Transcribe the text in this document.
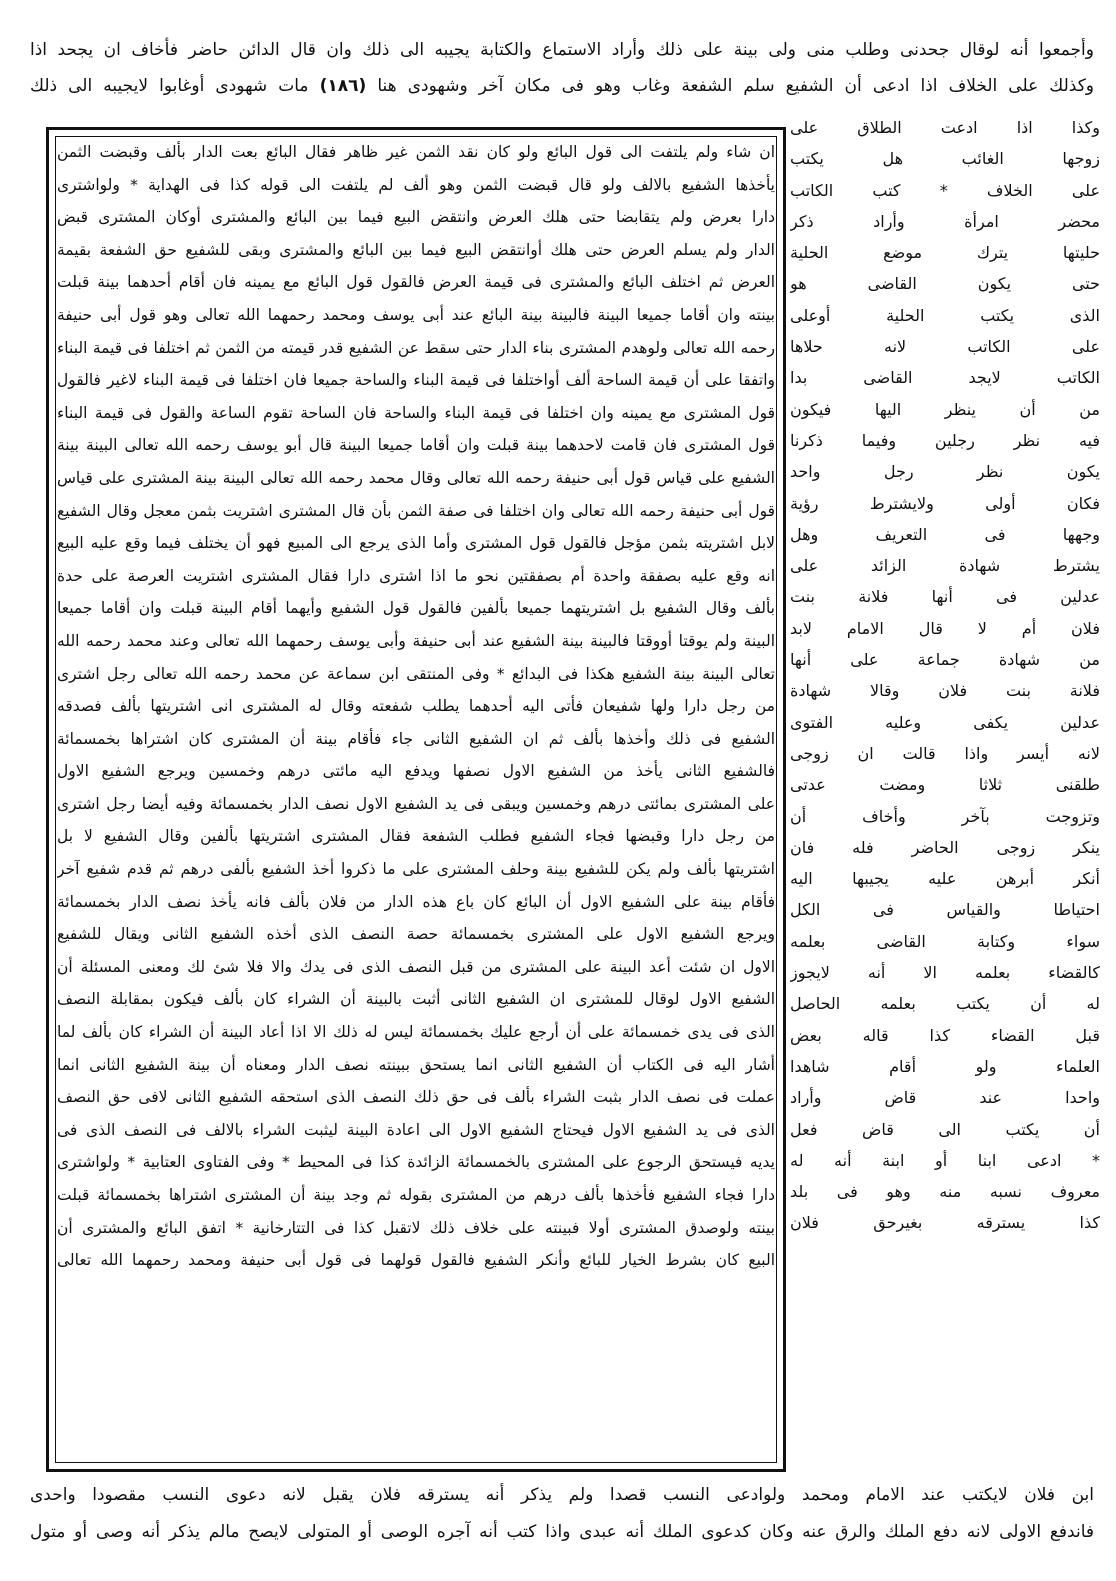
وأجمعوا أنه لوقال جحدنى وطلب منى ولى بينة على ذلك وأراد الاستماع والكتابة يجيبه الى ذلك وان قال الدائن حاضر فأخاف ان يجحد اذا
وكذلك على الخلاف اذا ادعى أن الشفيع سلم الشفعة وغاب وهو فى مكان آخر وشهودى هنا (١٨٦) مات شهودى أوغابوا لايجيبه الى ذلك
وكذا اذا ادعت الطلاق على
زوجها الغائب هل يكتب
على الخلاف * كتب الكاتب
محضر امرأة وأراد ذكر
حليتها يترك موضع الحلية
حتى يكون القاضى هو
الذى يكتب الحلية أوعلى
على الكاتب لانه حلاها
الكاتب لايجد القاضى بدا
من أن ينظر اليها فيكون
فيه نظر رجلين وفيما ذكرنا
يكون نظر رجل واحد
فكان أولى ولايشترط رؤية
وجهها فى التعريف وهل
يشترط شهادة الزائد على
عدلين فى أنها فلانة بنت
فلان أم لا قال الامام لابد
من شهادة جماعة على أنها
فلانة بنت فلان وقالا شهادة
عدلين يكفى وعليه الفتوى
لانه أيسر واذا قالت ان زوجى
طلقنى ثلاثا ومضت عدتى
وتزوجت بآخر وأخاف أن
ينكر زوجى الحاضر فله فان
أنكر أبرهن عليه يجيبها اليه
احتياطا والقياس فى الكل
سواء وكتابة القاضى بعلمه
كالقضاء بعلمه الا أنه لايجوز
له أن يكتب بعلمه الحاصل
قبل القضاء كذا قاله بعض
العلماء ولو أقام شاهدا
واحدا عند قاض وأراد
أن يكتب الى قاض فعل
* ادعى ابنا أو ابنة أنه له
معروف نسبه منه وهو فى بلد
كذا يسترقه بغيرحق فلان
ان شاء ولم يلتفت الى قول البائع ولو كان نقد الثمن غير ظاهر فقال البائع بعت الدار بألف وقبضت الثمن
يأخذها الشفيع بالالف ولو قال قبضت الثمن وهو ألف لم يلتفت الى قوله كذا فى الهداية * ولواشترى
دارا بعرض ولم يتقابضا حتى هلك العرض وانتقض البيع فيما بين البائع والمشترى أوكان المشترى قبض
الدار ولم يسلم العرض حتى هلك أوانتقض البيع فيما بين البائع والمشترى وبقى للشفيع حق الشفعة بقيمة
العرض ثم اختلف البائع والمشترى فى قيمة العرض فالقول قول البائع مع يمينه فان أقام أحدهما بينة قبلت
بينته وان أقاما جميعا البينة فالبينة بينة البائع عند أبى يوسف ومحمد رحمهما الله تعالى وهو قول أبى حنيفة
رحمه الله تعالى ولوهدم المشترى بناء الدار حتى سقط عن الشفيع قدر قيمته من الثمن ثم اختلفا فى قيمة البناء
واتفقا على أن قيمة الساحة ألف أواختلفا فى قيمة البناء والساحة جميعا فان اختلفا فى قيمة البناء لاغير فالقول
قول المشترى مع يمينه وان اختلفا فى قيمة البناء والساحة فان الساحة تقوم الساعة والقول فى قيمة البناء
قول المشترى فان قامت لاحدهما بينة قبلت وان أقاما جميعا البينة قال أبو يوسف رحمه الله تعالى البينة بينة
الشفيع على قياس قول أبى حنيفة رحمه الله تعالى وقال محمد رحمه الله تعالى البينة بينة المشترى على قياس
قول أبى حنيفة رحمه الله تعالى وان اختلفا فى صفة الثمن بأن قال المشترى اشتريت بثمن معجل وقال الشفيع
لابل اشتريته بثمن مؤجل فالقول قول المشترى وأما الذى يرجع الى المبيع فهو أن يختلف فيما وقع عليه البيع
انه وقع عليه بصفقة واحدة أم بصفقتين نحو ما اذا اشترى دارا فقال المشترى اشتريت العرصة على حدة
بألف وقال الشفيع بل اشتريتهما جميعا بألفين فالقول قول الشفيع وأيهما أقام البينة قبلت وان أقاما جميعا
البينة ولم يوقتا أووقتا فالبينة بينة الشفيع عند أبى حنيفة وأبى يوسف رحمهما الله تعالى وعند محمد رحمه الله
تعالى البينة بينة الشفيع هكذا فى البدائع * وفى المنتقى ابن سماعة عن محمد رحمه الله تعالى رجل اشترى
من رجل دارا ولها شفيعان فأتى اليه أحدهما يطلب شفعته وقال له المشترى انى اشتريتها بألف فصدقه
الشفيع فى ذلك وأخذها بألف ثم ان الشفيع الثانى جاء فأقام بينة أن المشترى كان اشتراها بخمسمائة
فالشفيع الثانى يأخذ من الشفيع الاول نصفها ويدفع اليه مائتى درهم وخمسين ويرجع الشفيع الاول
على المشترى بمائتى درهم وخمسين ويبقى فى يد الشفيع الاول نصف الدار بخمسمائة وفيه أيضا رجل اشترى
من رجل دارا وقبضها فجاء الشفيع فطلب الشفعة فقال المشترى اشتريتها بألفين وقال الشفيع لا بل
اشتريتها بألف ولم يكن للشفيع بينة وحلف المشترى على ما ذكروا أخذ الشفيع بألفى درهم ثم قدم شفيع آخر
فأقام بينة على الشفيع الاول أن البائع كان باع هذه الدار من فلان بألف فانه يأخذ نصف الدار بخمسمائة
ويرجع الشفيع الاول على المشترى بخمسمائة حصة النصف الذى أخذه الشفيع الثانى ويقال للشفيع
الاول ان شئت أعد البينة على المشترى من قبل النصف الذى فى يدك والا فلا شئ لك ومعنى المسئلة أن
الشفيع الاول لوقال للمشترى ان الشفيع الثانى أثبت بالبينة أن الشراء كان بألف فيكون بمقابلة النصف
الذى فى يدى خمسمائة على أن أرجع عليك بخمسمائة ليس له ذلك الا اذا أعاد البينة أن الشراء كان بألف لما
أشار اليه فى الكتاب أن الشفيع الثانى انما يستحق ببينته نصف الدار ومعناه أن بينة الشفيع الثانى انما
عملت فى نصف الدار بثبت الشراء بألف فى حق ذلك النصف الذى استحقه الشفيع الثانى لافى حق النصف
الذى فى يد الشفيع الاول فيحتاج الشفيع الاول الى اعادة البينة ليثبت الشراء بالالف فى النصف الذى فى
يديه فيستحق الرجوع على المشترى بالخمسمائة الزائدة كذا فى المحيط * وفى الفتاوى العتابية * ولواشترى
دارا فجاء الشفيع فأخذها بألف درهم من المشترى بقوله ثم وجد بينة أن المشترى اشتراها بخمسمائة قبلت
بينته ولوصدق المشترى أولا فبينته على خلاف ذلك لاتقبل كذا فى التتارخانية * اتفق البائع والمشترى أن
البيع كان بشرط الخيار للبائع وأنكر الشفيع فالقول قولهما فى قول أبى حنيفة ومحمد رحمهما الله تعالى
ابن فلان لايكتب عند الامام ومحمد ولوادعى النسب قصدا ولم يذكر أنه يسترقه فلان يقبل لانه دعوى النسب مقصودا واحدى
فاندفع الاولى لانه دفع الملك والرق عنه وكان كدعوى الملك أنه عبدى واذا كتب أنه آجره الوصى أو المتولى لايصح مالم يذكر أنه وصى أو متول
